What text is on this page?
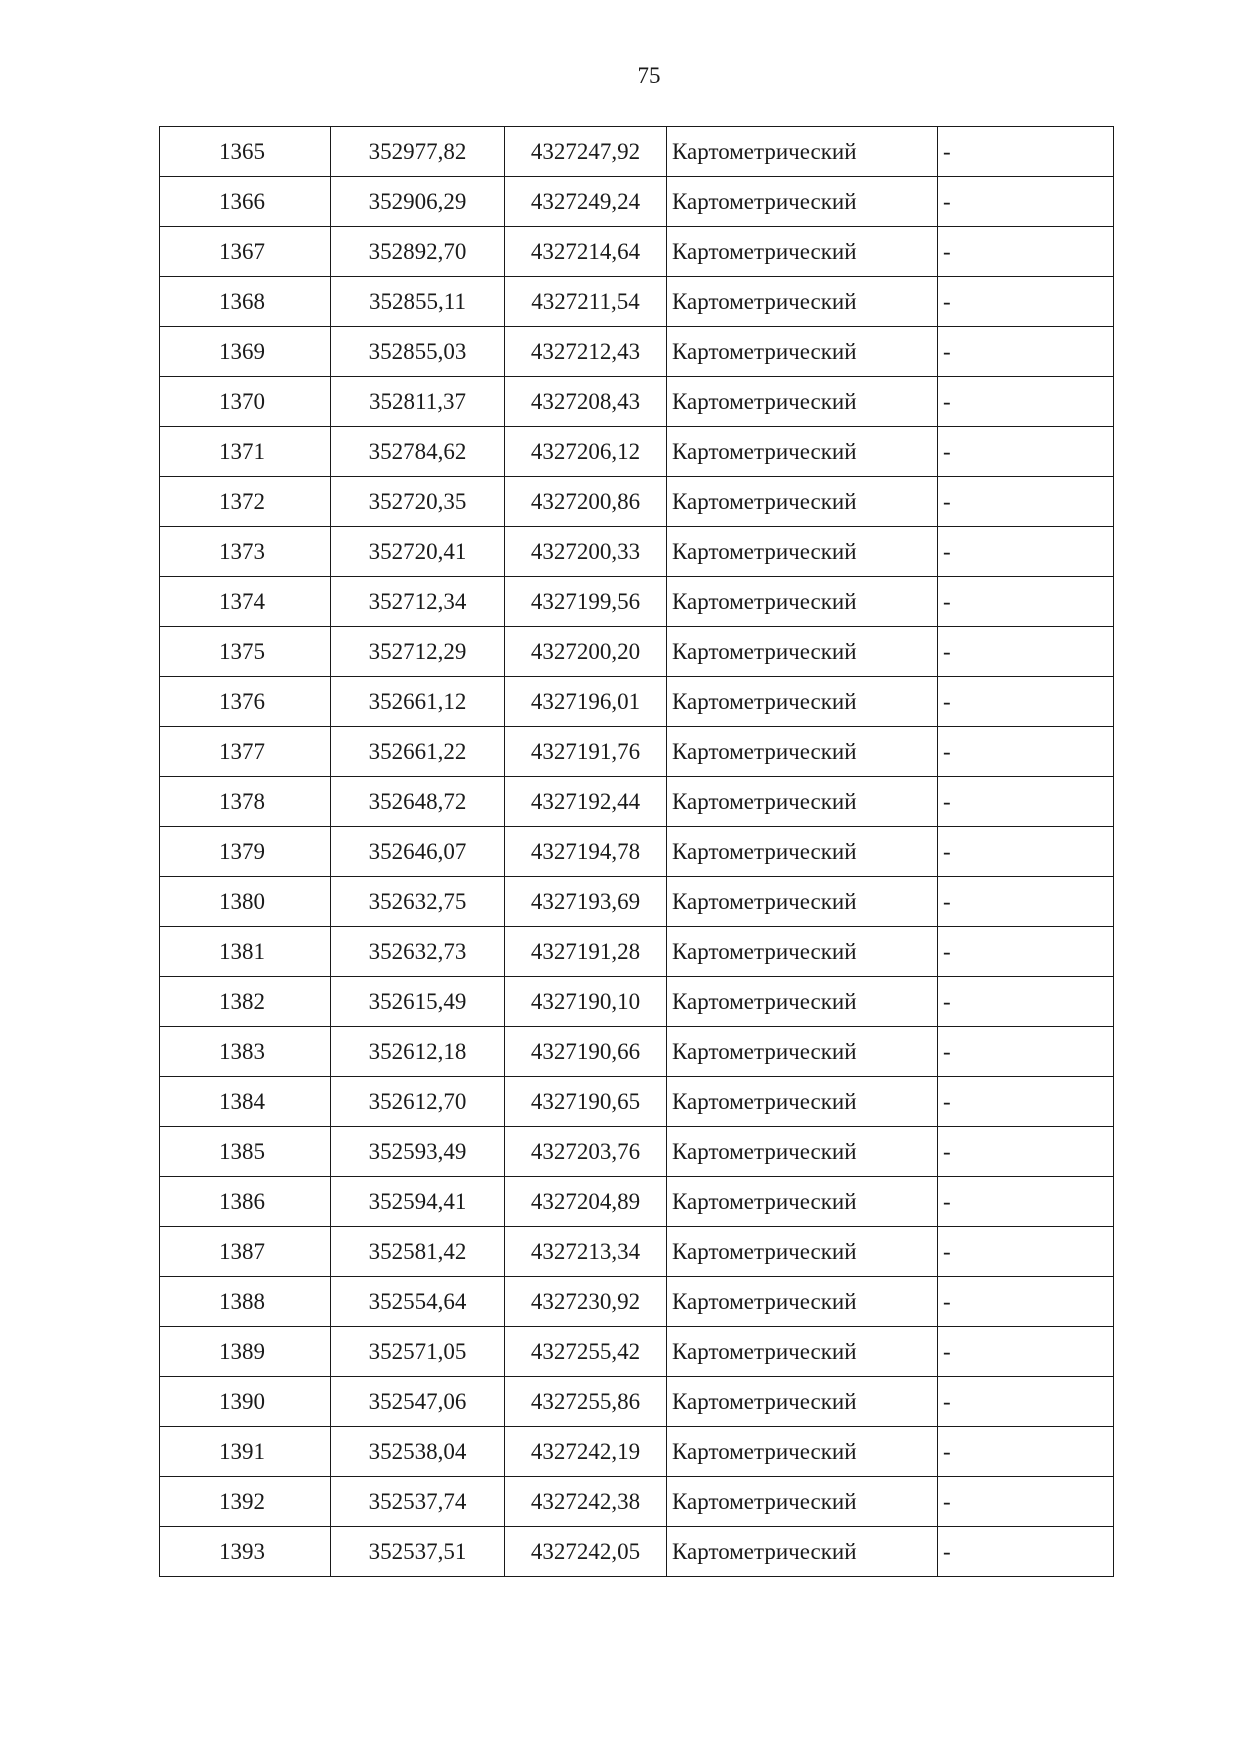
75
1365	352977,82	4327247,92	Картометрический	-
1366	352906,29	4327249,24	Картометрический	-
1367	352892,70	4327214,64	Картометрический	-
1368	352855,11	4327211,54	Картометрический	-
1369	352855,03	4327212,43	Картометрический	-
1370	352811,37	4327208,43	Картометрический	-
1371	352784,62	4327206,12	Картометрический	-
1372	352720,35	4327200,86	Картометрический	-
1373	352720,41	4327200,33	Картометрический	-
1374	352712,34	4327199,56	Картометрический	-
1375	352712,29	4327200,20	Картометрический	-
1376	352661,12	4327196,01	Картометрический	-
1377	352661,22	4327191,76	Картометрический	-
1378	352648,72	4327192,44	Картометрический	-
1379	352646,07	4327194,78	Картометрический	-
1380	352632,75	4327193,69	Картометрический	-
1381	352632,73	4327191,28	Картометрический	-
1382	352615,49	4327190,10	Картометрический	-
1383	352612,18	4327190,66	Картометрический	-
1384	352612,70	4327190,65	Картометрический	-
1385	352593,49	4327203,76	Картометрический	-
1386	352594,41	4327204,89	Картометрический	-
1387	352581,42	4327213,34	Картометрический	-
1388	352554,64	4327230,92	Картометрический	-
1389	352571,05	4327255,42	Картометрический	-
1390	352547,06	4327255,86	Картометрический	-
1391	352538,04	4327242,19	Картометрический	-
1392	352537,74	4327242,38	Картометрический	-
1393	352537,51	4327242,05	Картометрический	-
